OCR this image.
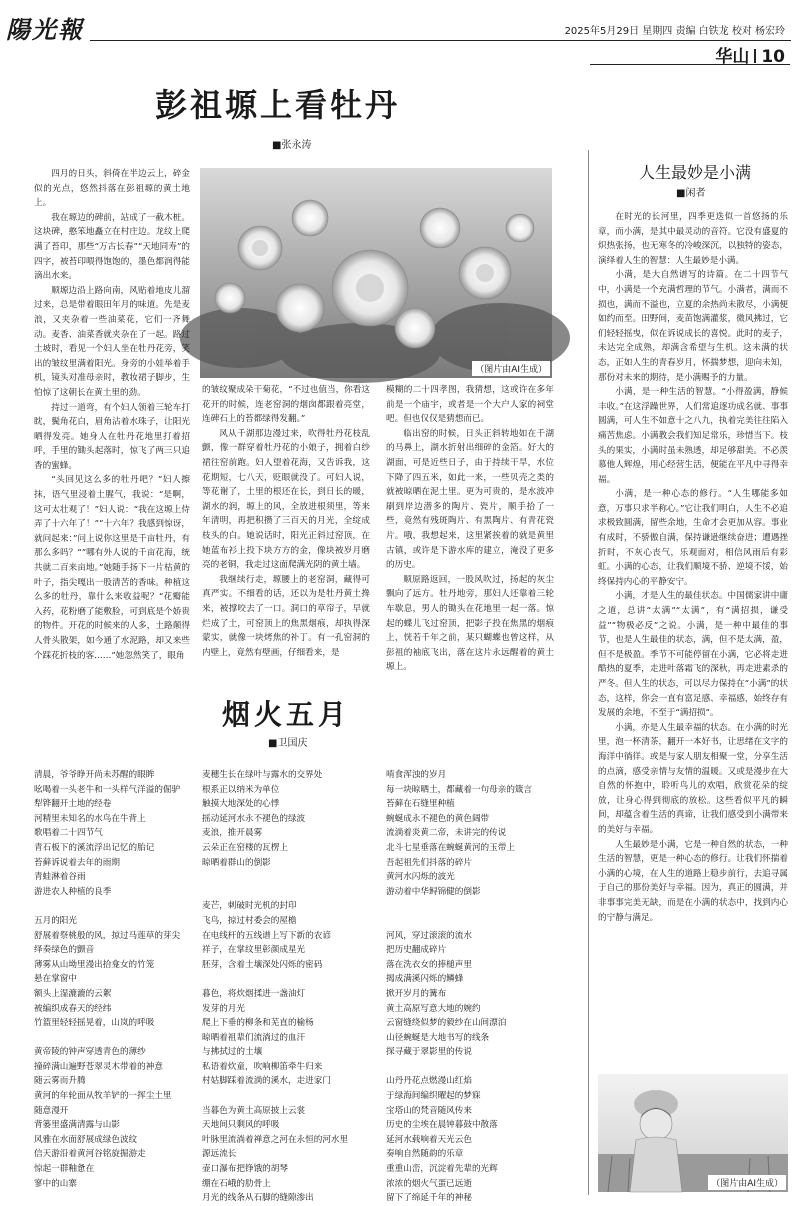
陽光報	2025年5月29日 星期四 责编 白铁龙 校对 杨宏玲
华山 10
彭祖塬上看牡丹
■张永涛
（图片由AI生成）

四月的日头，斜倚在半边云上，碎金似的光点，悠然抖落在彭祖塬的黄土地上。

我在塬边的碑前，站成了一截木桩。这块碑，憨笨地矗立在村庄边。龙纹上爬满了苔印，那些“万古长春”“天地同寿”的四字，被苔印喂得饱饱的，墨色都润得能滴出水来。

顺塬边沿上路向南，风贴着地皮儿溜过来，总是带着眼田年月的味道。先是麦浪，又夹杂着一些油菜花，它们一齐舞动。麦香、油菜香就夹杂在了一起。路过土坡时，看见一个妇人坐在牡丹花旁，笑出的皱纹里满着阳光。身旁的小娃举着手机，镜头对准母亲时，教妆裙子脚步，生怕惊了这朝长在黄土里的劲。

持过一道弯，有个妇人领着三轮车打眈，鬓角花白，眉角沾着水珠子，让阳光晒得发亮。她身人在牡丹花地里打着招呼，手里的锄头起落时，惊飞了两三只追香的蜜蜂。

“头回见这么多的牡丹吧？”妇人擦抹，语气里浸着土腥气，我说：“是啊，这可太壮观了！”妇人说：“我在这塬上侍弄了十六年了！”“十六年？我感到惊讶，就问起来：”问上说你这里是千亩牡丹，有那么多吗？“”哪有外人说的千亩花海，统共就二百来亩地。”她随手扬下一片枯黄的叶子，指尖嘎出一股清苦的香味。种植这么多的牡丹，靠什么来收益呢？“花瓣能入药，花粉磨了能敷脸，可到底是个娇贵的物件。开花的时候来的人多，土路颠得人骨头散架，如今通了水泥路，却又来些个踩花折枝的客……”她忽然笑了，眼角

的皱纹聚成朵干菊花，“不过也值当，你看这花开的时候，连老窑洞的烟囱都跟着亮堂，连碑石上的苔都绿得发翻。”

风从千湖那边漫过来，吹得牡丹花枝乱颤，像一群穿着牡丹花的小娘子，拥着白纱裙往窑前跑。妇人望着花海，又告诉我，这花期短，七八天，贬眼就没了。可妇人说，等花谢了，土里的根还在长，到日长的暖，湖水的润，塬上的风，全放进根须里，等来年清明，再把积攒了三百天的月光，全绽成枝头的白。她说话时，阳光正斜过窑顶，在她蓝布衫上投下块方方的金，像块被岁月磨亮的老铜，我走过这面爬满光阴的黄土墙。

我继续行走，塬腰上的老窑洞，藏得可真严实。不细看的话，还以为是牡丹黄土搀来，被撑咬去了一口。洞口的草帘子，早就烂成了土，可窑顶上的焦黑烟痕，却执得深蒙实，就像一块烤焦的补丁。有一孔窑洞的内壁上，竟然有壁画，仔细看来，是

模糊的二十四孝图，我猜想，这或许在多年前是一个庙宇，或者是一个大户人家的祠堂吧。但也仅仅是猜想而已。

临出窑的时候，日头正斜转地如在千湖的马鼻上，湖水折射出细碎的金箔。好大的湖面，可是近些日子，由于持续干旱，水位下降了四五米，如此一来，一些贝壳之类的就被晾晒在泥土里。更为可贵的，是水波冲刷到岸边潜多的陶片、瓷片，顺手拾了一些，竟然有残斑陶片、有黑陶片、有青花瓷片。哦，我想起来，这里紧挨着的就是黄里古镇，或许是下游水库的建立，淹没了更多的历史。

顺原路返回，一股风吹过，扬起的灰尘飘向了远方。牡丹地旁，那妇人还靠着三轮车歇息，男人的锄头在花地里一起一落。惊起的蝶儿飞过窑顶，把影子投在焦黑的烟痕上，恍若千年之前，某只蝴蝶也曾这样，从彭祖的袖底飞出，落在这片永远醒着的黄土塬上。

烟火五月
■卫国庆
清晨，爷爷睁开尚未苏醒的眼眸
吆喝着一头老牛和一头样气洋溢的倔驴
犁铧翻开土地的经卷
河精里未知名的水鸟在牛背上
歌唱着二十四节气
青石板下的溪流浮出记忆的胎记
苔藓诉说着去年的雨期
青蛙淋着谷雨
游进农人种植的良季
五月的阳光
舒展着祭桃般的风，掠过马莲草的芽尖
绎奏绿色的颤音
薄雾从山坳里漫出拾龛女的竹笼
悬在掌窗中
额头上湿漉漉的云絮
被编织成春天的经纬
竹篮里轻轻摇晃着，山岚的呼吸
黄帝陵的钟声穿透青色的薄纱
撞碎满山遍野苍翠灵木带着的神意
随云雾而升腾
黄河的年轮面从牧羊铲的一挥尘土里
随意漫开
背篓里盛满清露与山影
风雅在水面舒展成绿色波纹
信天游沿着黄河谷铭旋掘游走
惊起一群釉惫在
寥中的山寨
麦穗生长在绿叶与露水的交界处
根系正以纳米为单位
触摸大地深处的心悸
摇动延河水永不褪色的绿波
麦浪，推开晨雾
云朵正在窑楼的瓦楞上
晾晒着群山的倒影
麦芒，刺破时光机的封印
飞鸟，掠过村委会的屋檐
在电线杆的五线谱上写下新的农谚
祥子，在掌纹里彰颜成星光
胚芽，含着土壤深处闪烁的密码
暮色，将炊烟揉进一盏油灯
发芽的月光
爬上下垂的柳条和芜直的榆杨
晾晒着祖辈们流淌过的血汗
与拂拭过的土壤
私语着炊童，吹响柳笛牵牛归来
村姑脚踩着流淌的溪水，走进家门
当暮色为黄土高原披上云裳
天地间只剩风的呼吸
叶脉里流淌着禅意之河在永恒的河水里
源远流长
壶口瀑布把铮饿的胡琴
绷在石峨的肋骨上
月光的线条从石脚的缝隙渗出
啃食浑浊的岁月
每一块晾晒土，都藏着一句母亲的箴言
苔藓在石缝里种植
蜿蜒成永不褪色的黄色阔带
流淌着炎黄二帝，未讲完的传说
北斗七星垂落在蜿蜒黄河的玉带上
吾起祖先们抖落的碎片
黄河水闪烁的波光
游动着中华鲟锦健的倒影
河风，穿过滚滚的流水
把历史翻成碎片
落在洗衣女的捧槌声里
揭成满溪闪烁的鳞蜂
掀开岁月的篝布
黄土高原写意大地的婉约
云窗缝绕似梦的毅纱在山间漂泊
山径蜿蜒是大地书写的线条
探寻藏于翠影里的传说
山丹丹花点燃漫山红焰
于绿海间编织曜起的梦寐
宝塔山的梵音随风传来
历史的尘埃在晨钟暮鼓中散落
延河水载响着天光云色
奏响自然随韵的乐章
重重山峦，沉淀着先辈的光辉
浓浓的烟火气蛋已远逝
留下了绵延千年的神秘
人生最妙是小满
■闲者

在时光的长河里，四季更迭似一首悠扬的乐章，而小满，是其中最灵动的音符。它没有盛夏的炽热张扬，也无寒冬的冷峻深沉，以独特的姿态，演绎着人生的智慧：人生最妙是小满。

小满，是大自然谱写的诗篇。在二十四节气中，小满是一个充满哲理的节气。小满者，满而不损也，满而不溢也，立夏的余热尚未散尽，小满便如约而至。田野间，麦苗饱满灌浆，微风拂过，它们轻轻摇曳，似在诉说成长的喜悦。此时的麦子，未达完全成熟，却满含希望与生机。这未满的状态，正如人生的青春岁月，怀揣梦想，迎向未知，那份对未来的期待，是小满赐予的力量。

小满，是一种生活的智慧。“小得盈满，静候丰收。”在这浮躁世界，人们常追逐功成名就、事事圆满，可人生不如意十之八九，执着完美往往陷入痛苦焦虑。小满教会我们知足常乐，珍惜当下。枝头的果实，小满时虽未熟透，却足够甜美。不必羡慕他人辉煌，用心经营生活，便能在平凡中寻得幸福。

小满，是一种心态的修行。“人生哪能多如意，万事只求半称心。”它让我们明白，人生不必追求极致圆满，留些余地，生命才会更加从容。事业有成时，不骄傲自满，保持谦逊继续奋进；遭遇挫折时，不灰心丧气，乐观面对，相信风雨后有彩虹。小满的心态，让我们顺境不骄、逆境不馁，始终保持内心的平静安宁。

小满，才是人生的最佳状态。中国儒家讲中庸之道，总讲“太满”“太满”，有“满招损，谦受益”“物极必反”之说。小满，是一种中最佳的事节，也是人生最佳的状态，满，但不是太满，盈，但不是极盈。季节不可能停留在小满，它必将走进酷热的夏季，走进叶落霜飞的深秋，再走进素杀的严冬。但人生的状态，可以尽力保持在“小满”的状态，这样，你会一直有富足感、幸福感，始终存有发展的余地，不至于“满招损”。

小满，亦是人生最幸福的状态。在小满的时光里，泡一杯清茶，翻开一本好书，让思绪在文字的海洋中徜徉。或是与家人朋友相聚一堂，分享生活的点滴，感受亲情与友情的温暖。又或是漫步在大自然的怀抱中，聆听鸟儿的欢唱，欣赏花朵的绽放，让身心得到彻底的放松。这些看似平凡的瞬间，却蕴含着生活的真谛，让我们感受到小满带来的美好与幸福。

人生最妙是小满，它是一种自然的状态，一种生活的智慧，更是一种心态的修行。让我们怀揣着小满的心境，在人生的道路上稳步前行，去追寻属于自己的那份美好与幸福。因为，真正的圆满，并非事事完美无缺，而是在小满的状态中，找到内心的宁静与满足。

（图片由AI生成）
